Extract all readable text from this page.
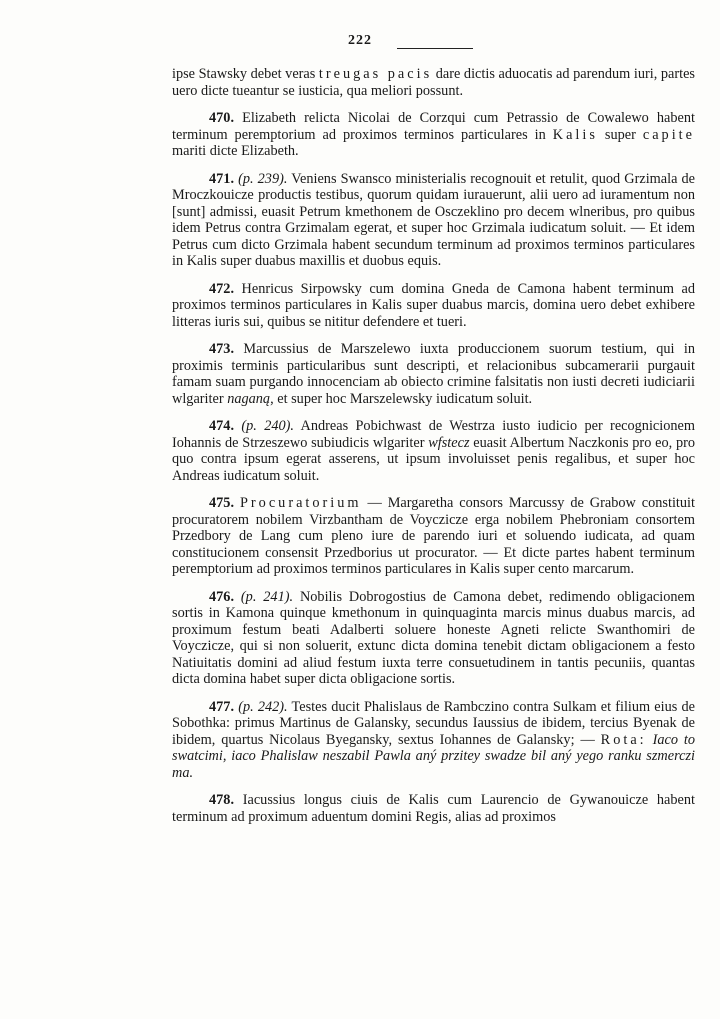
222

ipse Stawsky debet veras treugas pacis dare dictis aduocatis ad parendum iuri, partes uero dicte tueantur se iusticia, qua meliori possunt.

470. Elizabeth relicta Nicolai de Corzqui cum Petrassio de Cowalewo habent terminum peremptorium ad proximos terminos particulares in Kalis super capite mariti dicte Elizabeth.

471. (p. 239). Veniens Swansco ministerialis recognouit et retulit, quod Grzimala de Mroczkouicze productis testibus, quorum quidam iurauerunt, alii uero ad iuramentum non [sunt] admissi, euasit Petrum kmethonem de Osczeklino pro decem wlneribus, pro quibus idem Petrus contra Grzimalam egerat, et super hoc Grzimala iudicatum soluit. — Et idem Petrus cum dicto Grzimala habent secundum terminum ad proximos terminos particulares in Kalis super duabus maxillis et duobus equis.

472. Henricus Sirpowsky cum domina Gneda de Camona habent terminum ad proximos terminos particulares in Kalis super duabus marcis, domina uero debet exhibere litteras iuris sui, quibus se nititur defendere et tueri.

473. Marcussius de Marszelewo iuxta produccionem suorum testium, qui in proximis terminis particularibus sunt descripti, et relacionibus subcamerarii purgauit famam suam purgando innocenciam ab obiecto crimine falsitatis non iusti decreti iudiciarii wlgariter naganą, et super hoc Marszelewsky iudicatum soluit.

474. (p. 240). Andreas Pobichwast de Westrza iusto iudicio per recognicionem Iohannis de Strzeszewo subiudicis wlgariter wfstecz euasit Albertum Naczkonis pro eo, pro quo contra ipsum egerat asserens, ut ipsum involuisset penis regalibus, et super hoc Andreas iudicatum soluit.

475. Procuratorium — Margaretha consors Marcussy de Grabow constituit procuratorem nobilem Virzbantham de Voyczicze erga nobilem Phebroniam consortem Przedbory de Lang cum pleno iure de parendo iuri et soluendo iudicata, ad quam constitucionem consensit Przedborius ut procurator. — Et dicte partes habent terminum peremptorium ad proximos terminos particulares in Kalis super cento marcarum.

476. (p. 241). Nobilis Dobrogostius de Camona debet, redimendo obligacionem sortis in Kamona quinque kmethonum in quinquaginta marcis minus duabus marcis, ad proximum festum beati Adalberti soluere honeste Agneti relicte Swanthomiri de Voyczicze, qui si non soluerit, extunc dicta domina tenebit dictam obligacionem a festo Natiuitatis domini ad aliud festum iuxta terre consuetudinem in tantis pecuniis, quantas dicta domina habet super dicta obligacione sortis.

477. (p. 242). Testes ducit Phalislaus de Rambczino contra Sulkam et filium eius de Sobothka: primus Martinus de Galansky, secundus Iaussius de ibidem, tercius Byenak de ibidem, quartus Nicolaus Byegansky, sextus Iohannes de Galansky; — Rota: Iaco to swatcimi, iaco Phalislaw neszabil Pawla aný przitey swadze bil aný yego ranku szmerczi ma.

478. Iacussius longus ciuis de Kalis cum Laurencio de Gywanouicze habent terminum ad proximum aduentum domini Regis, alias ad proximos
